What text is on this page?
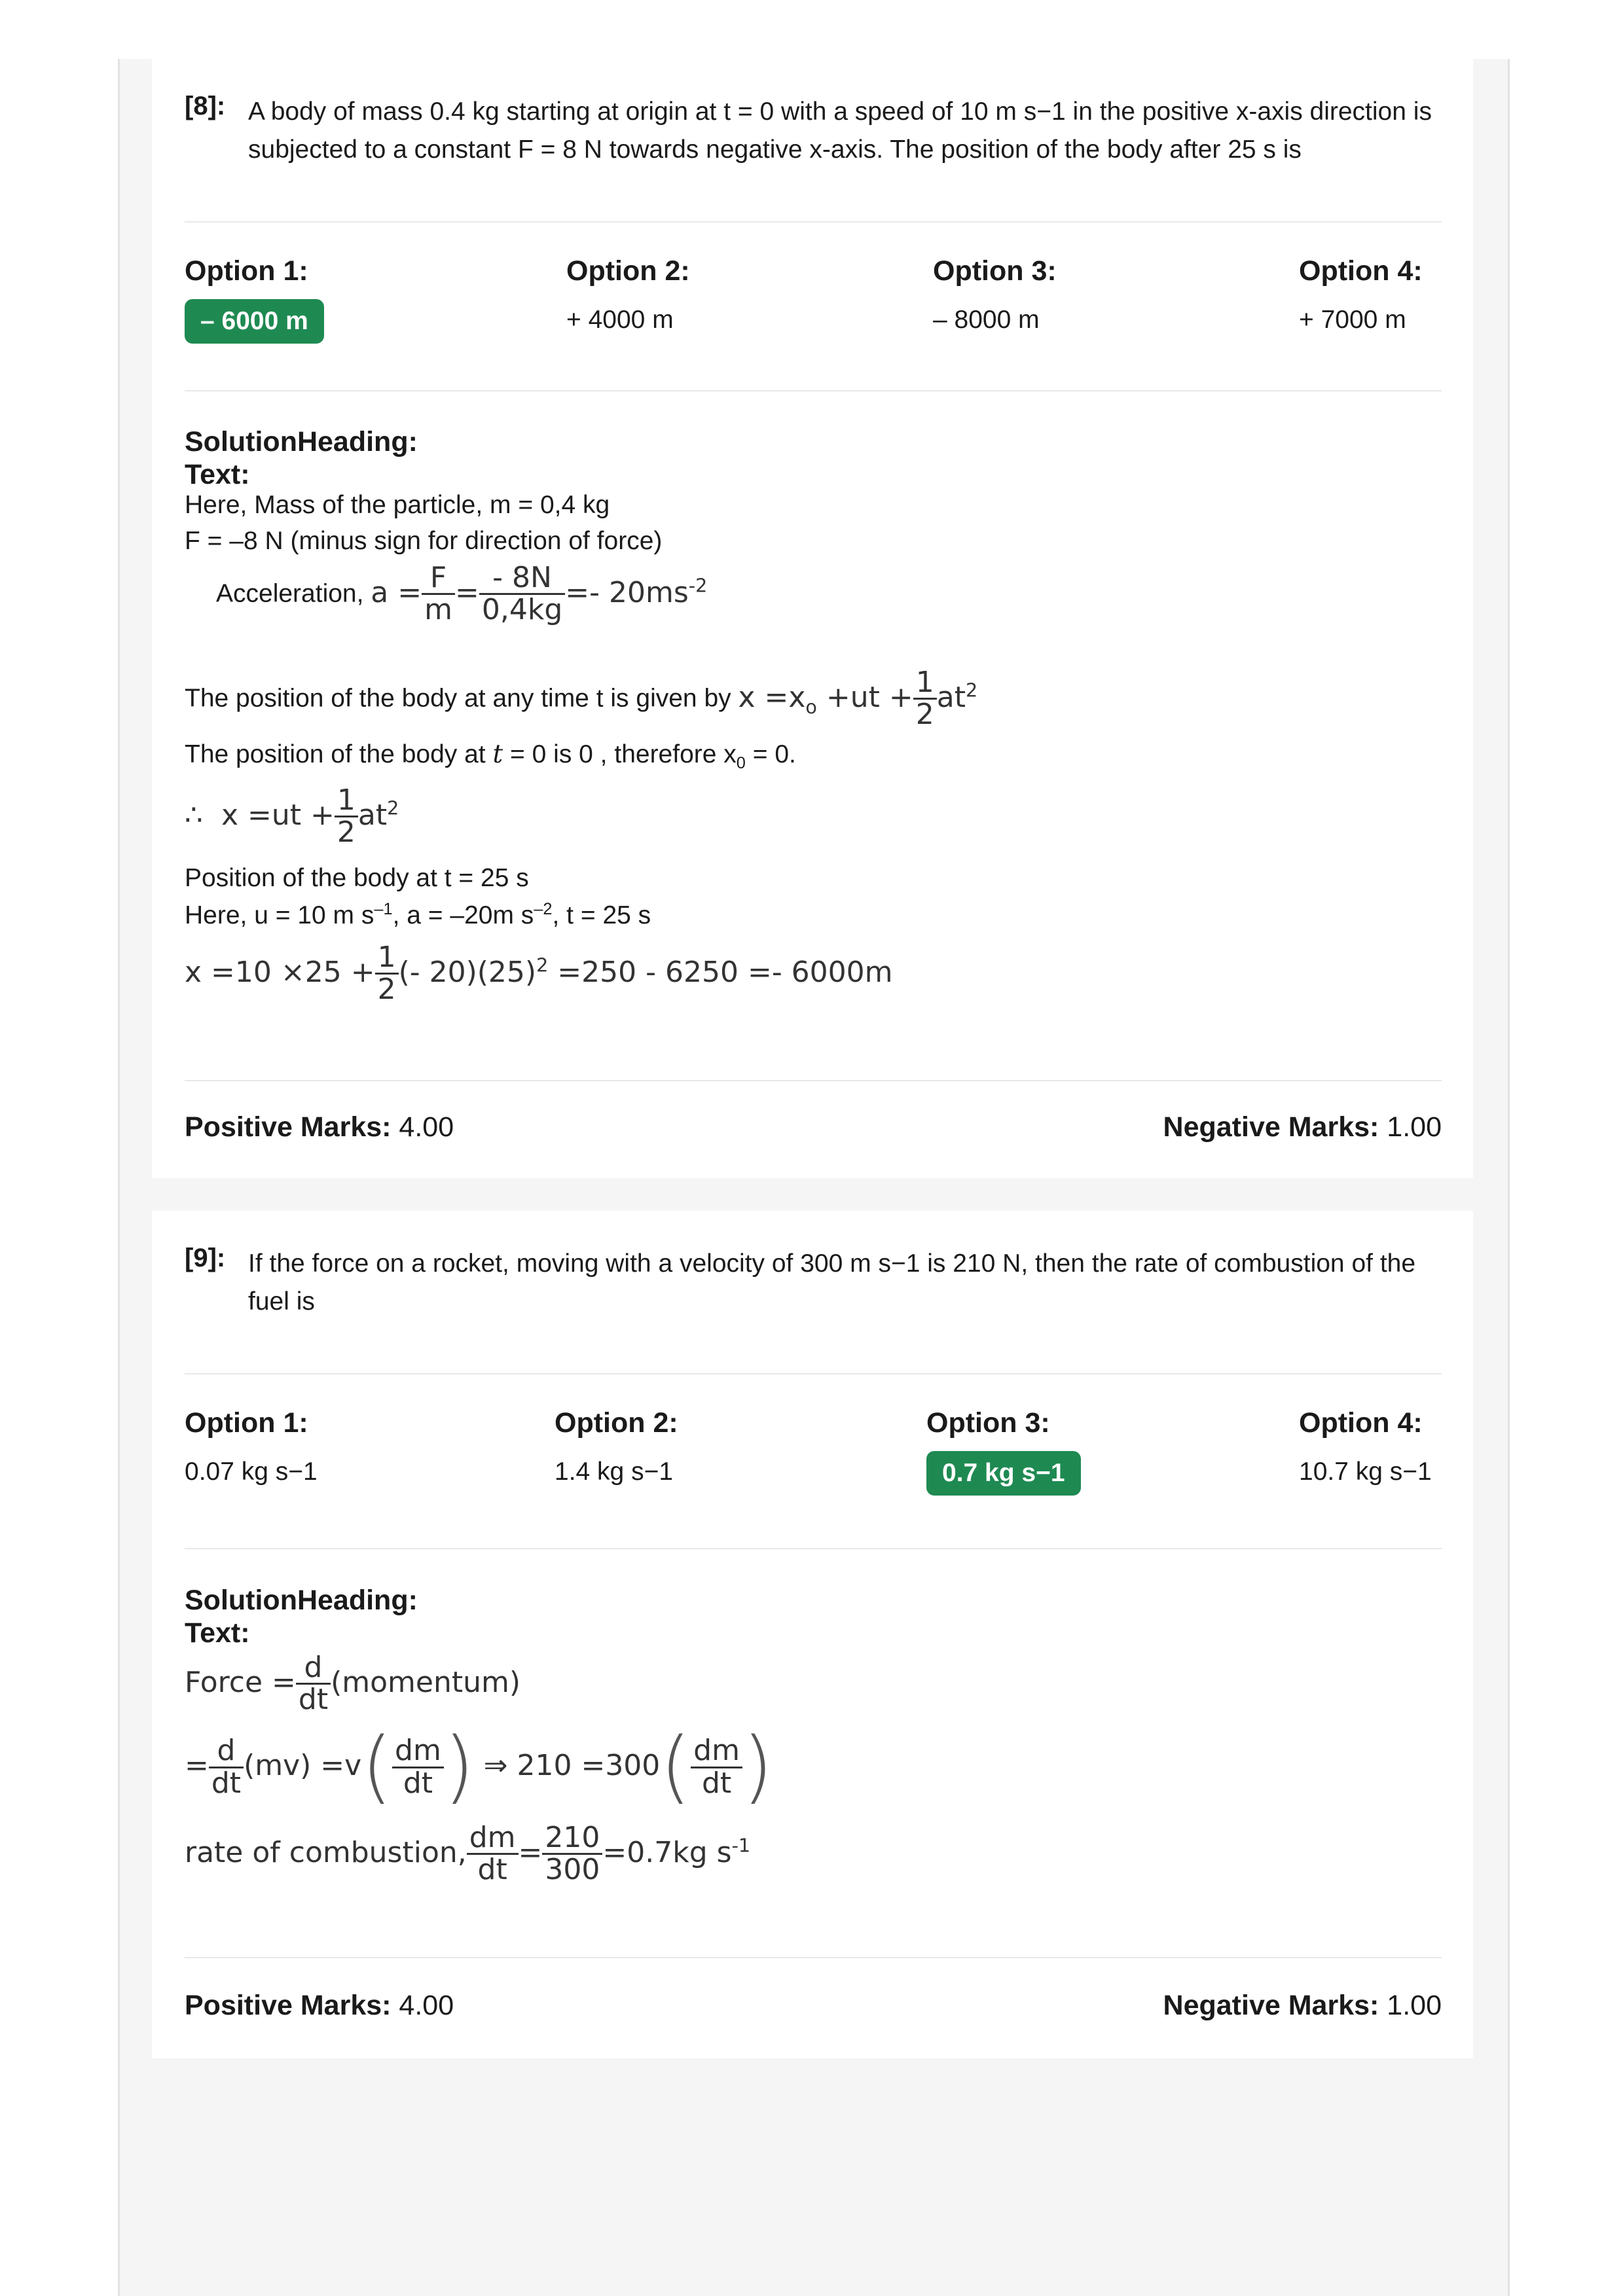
[8]: A body of mass 0.4 kg starting at origin at t = 0 with a speed of 10 m s−1 in the positive x-axis direction is subjected to a constant F = 8 N towards negative x-axis. The position of the body after 25 s is
Option 1:
– 6000 m
Option 2:
+ 4000 m
Option 3:
– 8000 m
Option 4:
+ 7000 m
SolutionHeading:
Text:
Here, Mass of the particle, m = 0,4 kg
F = –8 N (minus sign for direction of force)
Acceleration, $a = \frac{F}{m} = \frac{- 8N}{0,4kg} =- 20ms^{-2}$
The position of the body at any time t is given by $x =x_o +ut + \frac{1}{2} at^2$
The position of the body at t = 0 is 0 , therefore $x_0 = 0$.
∴  $x =ut + \frac{1}{2} at^2$
Position of the body at t = 25 s
Here, u = 10 m $s^{-1}$, a = –20m $s^{-2}$, t = 25 s
$x =10 \times 25 + \frac{1}{2}$ (- $20)(25)^2 =250 - 6250 =- 6000m$
Positive Marks: 4.00	Negative Marks: 1.00
[9]: If the force on a rocket, moving with a velocity of 300 m s−1 is 210 N, then the rate of combustion of the fuel is
Option 1:
0.07 kg s−1
Option 2:
1.4 kg s−1
Option 3:
0.7 kg s−1
Option 4:
10.7 kg s−1
SolutionHeading:
Text:
Force = $\frac{d}{dt}$ (momentum)
= $\frac{d}{dt} (mv) =v( \frac{dm}{dt}$ ) ⇒ $210 =300( \frac{dm}{dt}$ )
rate of combustion, $\frac{dm}{dt} = \frac{210}{300} =0.7kg$ $s^{-1}$
Positive Marks: 4.00	Negative Marks: 1.00
